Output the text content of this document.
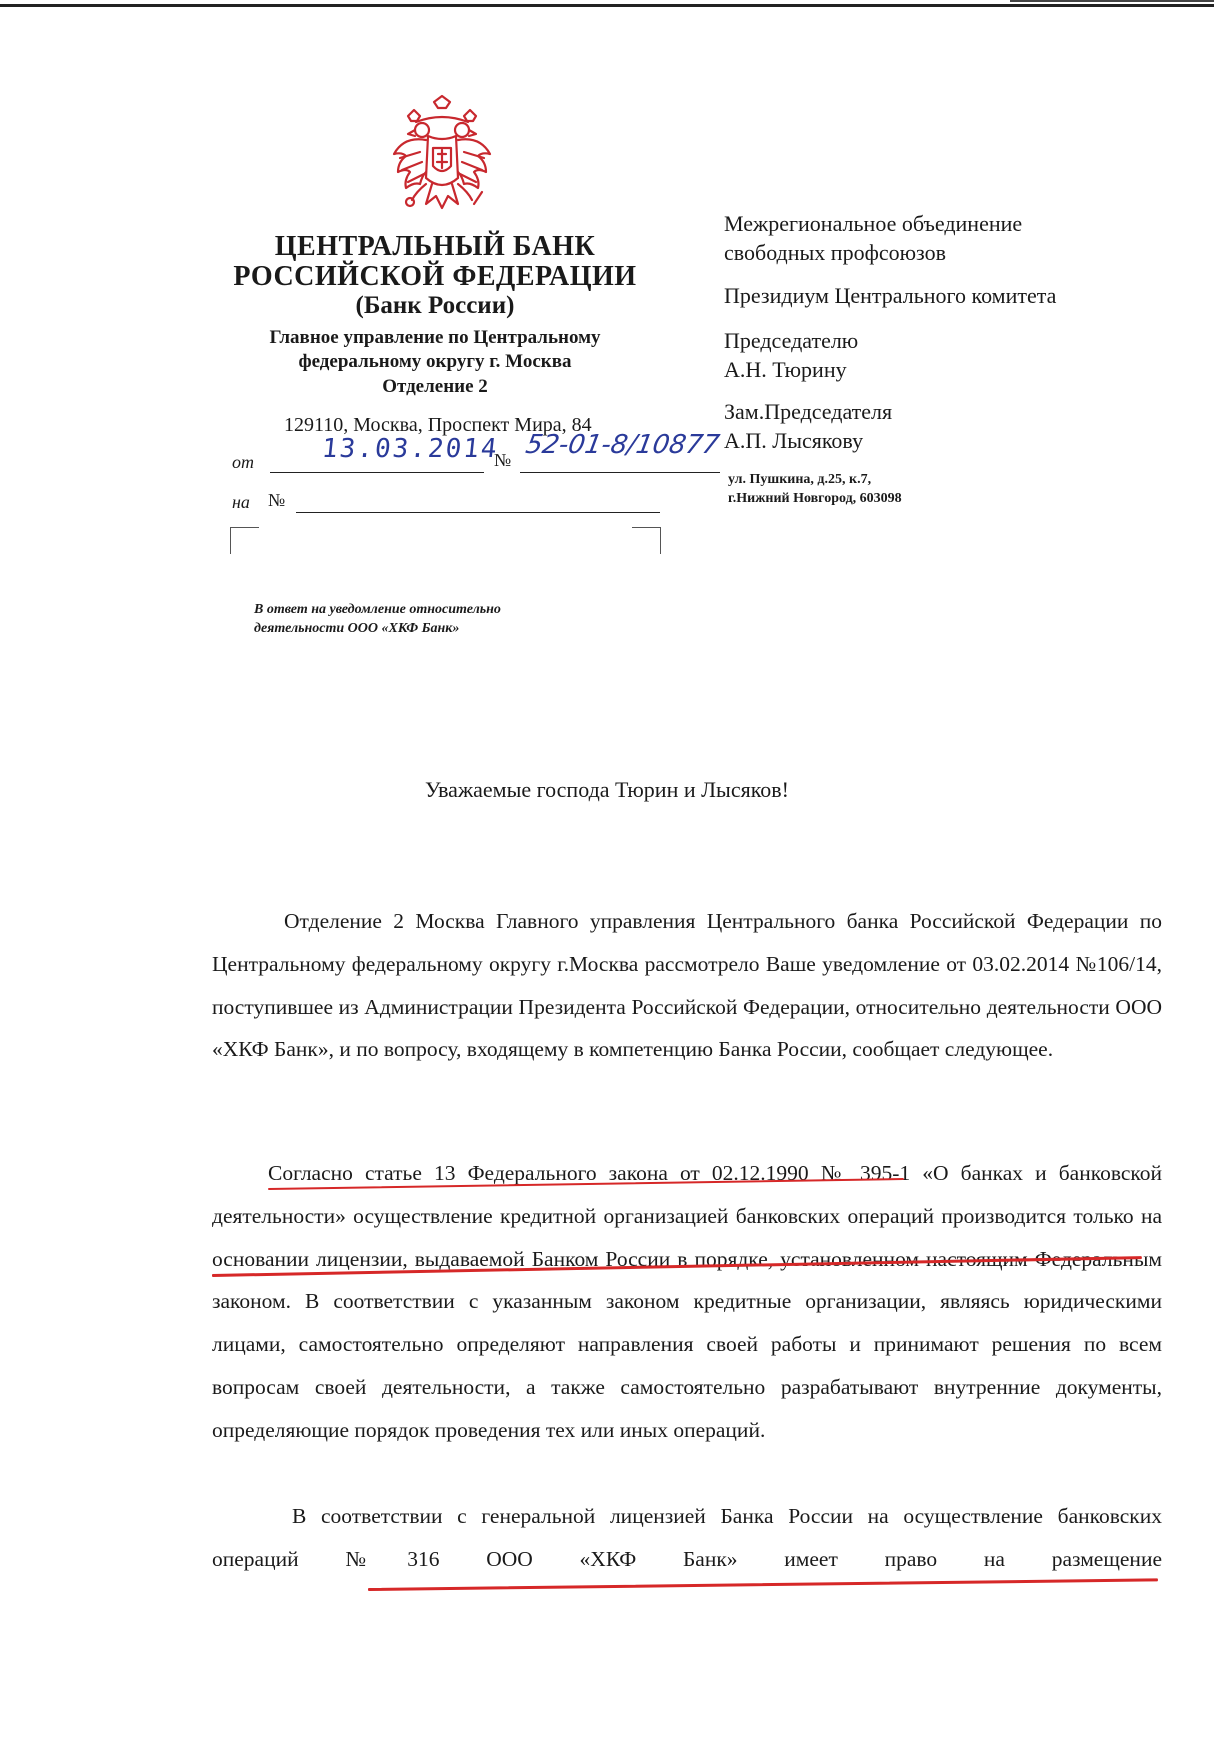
ЦЕНТРАЛЬНЫЙ БАНК
РОССИЙСКОЙ ФЕДЕРАЦИИ
(Банк России)
Главное управление по Центральному
федеральному округу г. Москва
Отделение 2
129110, Москва, Проспект Мира, 84
от	13.03.2014
№ 52-01-8/10877
на №
Межрегиональное объединение
свободных профсоюзов
Президиум Центрального комитета
Председателю
А.Н. Тюрину
Зам.Председателя
А.П. Лысякову
ул. Пушкина, д.25, к.7,
г.Нижний Новгород, 603098
В ответ на уведомление относительно
деятельности ООО «ХКФ Банк»
Уважаемые господа Тюрин и Лысяков!
Отделение 2 Москва Главного управления Центрального банка Российской Федерации по Центральному федеральному округу г.Москва рассмотрело Ваше уведомление от 03.02.2014 №106/14, поступившее из Администрации Президента Российской Федерации, относительно деятельности ООО «ХКФ Банк», и по вопросу, входящему в компетенцию Банка России, сообщает следующее.
Согласно статье 13 Федерального закона от 02.12.1990 № 395-1 «О банках и банковской деятельности» осуществление кредитной организацией банковских операций производится только на основании лицензии, выдаваемой Банком России в порядке, установленном настоящим Федеральным законом. В соответствии с указанным законом кредитные организации, являясь юридическими лицами, самостоятельно определяют направления своей работы и принимают решения по всем вопросам своей деятельности, а также самостоятельно разрабатывают внутренние документы, определяющие порядок проведения тех или иных операций.
В соответствии с генеральной лицензией Банка России на осуществление банковских операций №316 ООО «ХКФ Банк» имеет право на размещение
